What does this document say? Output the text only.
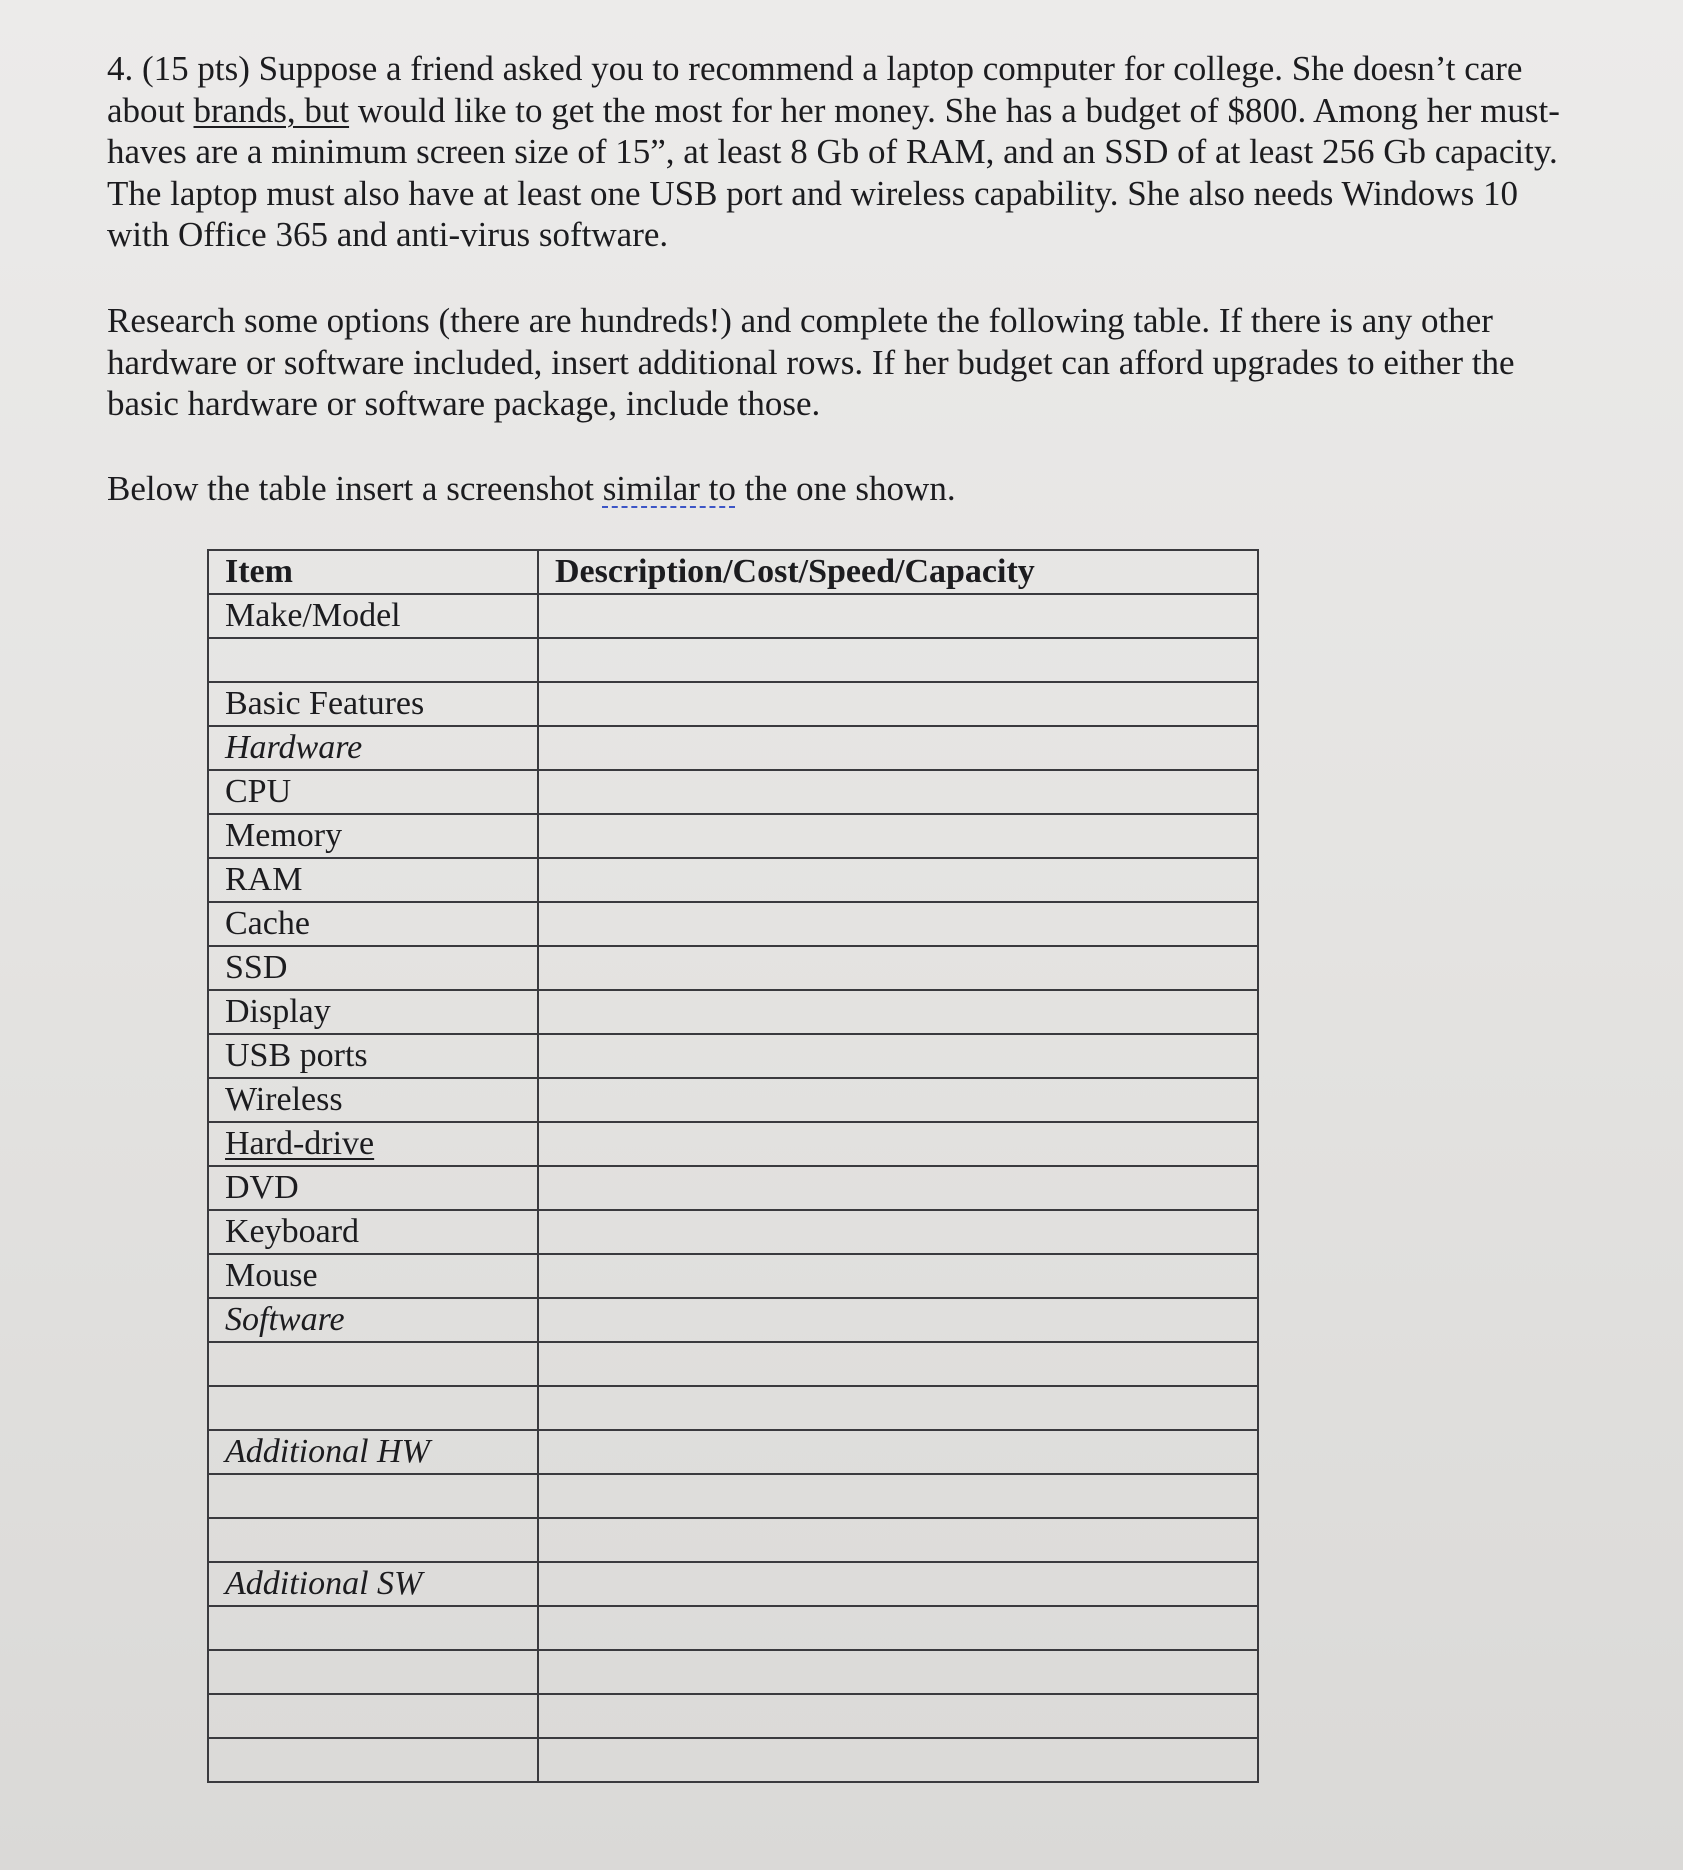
4. (15 pts) Suppose a friend asked you to recommend a laptop computer for college. She doesn’t care
about brands, but would like to get the most for her money. She has a budget of $800. Among her must-
haves are a minimum screen size of 15”, at least 8 Gb of RAM, and an SSD of at least 256 Gb capacity.
The laptop must also have at least one USB port and wireless capability. She also needs Windows 10
with Office 365 and anti-virus software.

Research some options (there are hundreds!) and complete the following table. If there is any other
hardware or software included, insert additional rows. If her budget can afford upgrades to either the
basic hardware or software package, include those.

Below the table insert a screenshot similar to the one shown.

Item	Description/Cost/Speed/Capacity
Make/Model	

Basic Features	
Hardware	
CPU	
Memory	
RAM	
Cache	
SSD	
Display	
USB ports	
Wireless	
Hard-drive	
DVD	
Keyboard	
Mouse	
Software	

Additional HW	

Additional SW	
